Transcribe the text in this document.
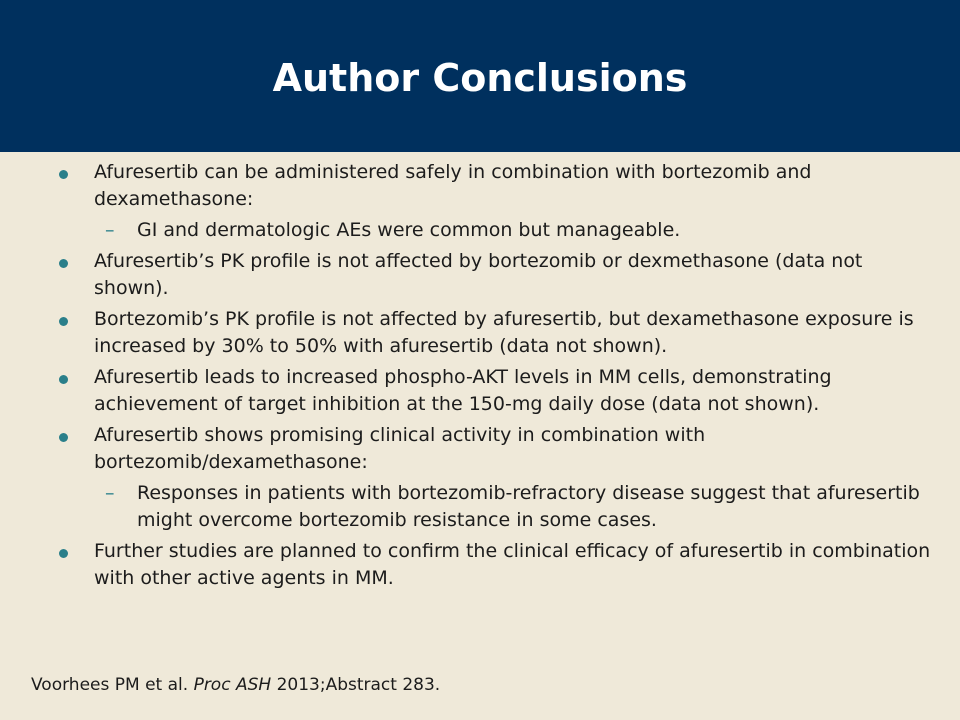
Author Conclusions
Afuresertib can be administered safely in combination with bortezomib and dexamethasone:
– GI and dermatologic AEs were common but manageable.
Afuresertib’s PK profile is not affected by bortezomib or dexmethasone (data not shown).
Bortezomib’s PK profile is not affected by afuresertib, but dexamethasone exposure is increased by 30% to 50% with afuresertib (data not shown).
Afuresertib leads to increased phospho-AKT levels in MM cells, demonstrating achievement of target inhibition at the 150-mg daily dose (data not shown).
Afuresertib shows promising clinical activity in combination with bortezomib/dexamethasone:
– Responses in patients with bortezomib-refractory disease suggest that afuresertib might overcome bortezomib resistance in some cases.
Further studies are planned to confirm the clinical efficacy of afuresertib in combination with other active agents in MM.
Voorhees PM et al. Proc ASH 2013;Abstract 283.
